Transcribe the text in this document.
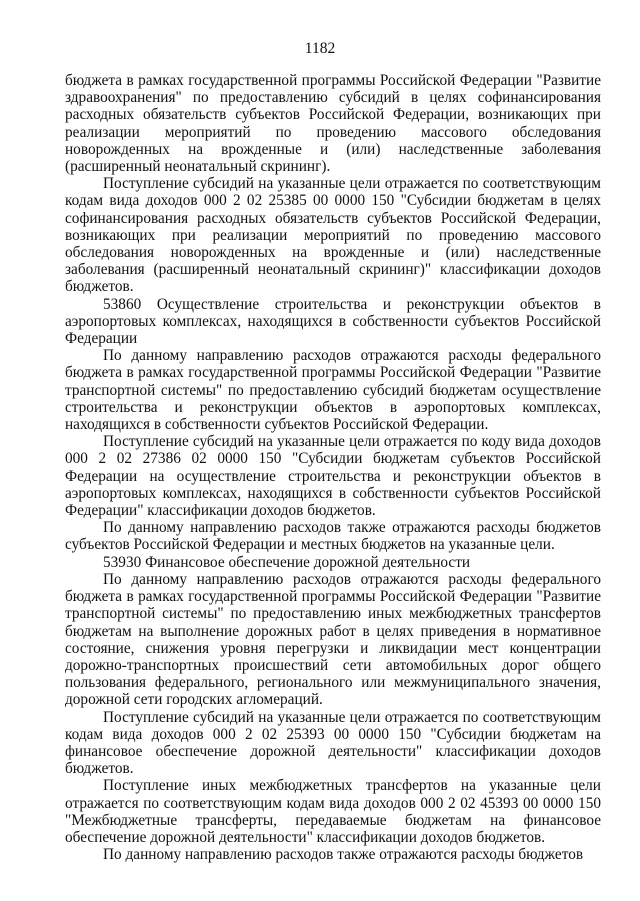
1182

бюджета в рамках государственной программы Российской Федерации "Развитие здравоохранения" по предоставлению субсидий в целях софинансирования расходных обязательств субъектов Российской Федерации, возникающих при реализации мероприятий по проведению массового обследования новорожденных на врожденные и (или) наследственные заболевания (расширенный неонатальный скрининг).

Поступление субсидий на указанные цели отражается по соответствующим кодам вида доходов 000 2 02 25385 00 0000 150 "Субсидии бюджетам в целях софинансирования расходных обязательств субъектов Российской Федерации, возникающих при реализации мероприятий по проведению массового обследования новорожденных на врожденные и (или) наследственные заболевания (расширенный неонатальный скрининг)" классификации доходов бюджетов.

53860 Осуществление строительства и реконструкции объектов в аэропортовых комплексах, находящихся в собственности субъектов Российской Федерации

По данному направлению расходов отражаются расходы федерального бюджета в рамках государственной программы Российской Федерации "Развитие транспортной системы" по предоставлению субсидий бюджетам осуществление строительства и реконструкции объектов в аэропортовых комплексах, находящихся в собственности субъектов Российской Федерации.

Поступление субсидий на указанные цели отражается по коду вида доходов 000 2 02 27386 02 0000 150 "Субсидии бюджетам субъектов Российской Федерации на осуществление строительства и реконструкции объектов в аэропортовых комплексах, находящихся в собственности субъектов Российской Федерации" классификации доходов бюджетов.

По данному направлению расходов также отражаются расходы бюджетов субъектов Российской Федерации и местных бюджетов на указанные цели.

53930 Финансовое обеспечение дорожной деятельности

По данному направлению расходов отражаются расходы федерального бюджета в рамках государственной программы Российской Федерации "Развитие транспортной системы" по предоставлению иных межбюджетных трансфертов бюджетам на выполнение дорожных работ в целях приведения в нормативное состояние, снижения уровня перегрузки и ликвидации мест концентрации дорожно-транспортных происшествий сети автомобильных дорог общего пользования федерального, регионального или межмуниципального значения, дорожной сети городских агломераций.

Поступление субсидий на указанные цели отражается по соответствующим кодам вида доходов 000 2 02 25393 00 0000 150 "Субсидии бюджетам на финансовое обеспечение дорожной деятельности" классификации доходов бюджетов.

Поступление иных межбюджетных трансфертов на указанные цели отражается по соответствующим кодам вида доходов 000 2 02 45393 00 0000 150 "Межбюджетные трансферты, передаваемые бюджетам на финансовое обеспечение дорожной деятельности" классификации доходов бюджетов.

По данному направлению расходов также отражаются расходы бюджетов
